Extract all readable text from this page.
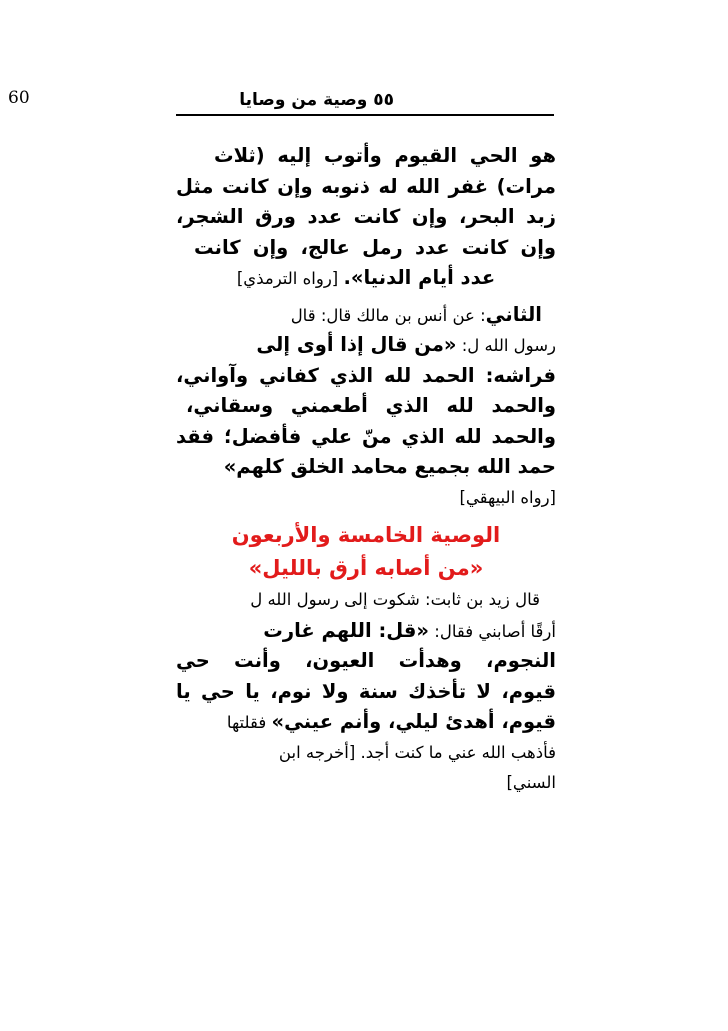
60	٥٥ وصية من وصايا
هو الحي القيوم وأتوب إليه (ثلاث
مرات) غفر الله له ذنوبه وإن كانت مثل
زبد البحر، وإن كانت عدد ورق الشجر،
وإن كانت عدد رمل عالج، وإن كانت
عدد أيام الدنيا». [رواه الترمذي]
الثاني: عن أنس بن مالك قال: قال
رسول الله ل: «من قال إذا أوى إلى
فراشه: الحمد لله الذي كفاني وآواني،
والحمد لله الذي أطعمني وسقاني،
والحمد لله الذي منّ علي فأفضل؛ فقد
حمد الله بجميع محامد الخلق كلهم»
[رواه البيهقي]
الوصية الخامسة والأربعون
«من أصابه أرق بالليل»
قال زيد بن ثابت: شكوت إلى رسول الله ل
أرقًا أصابني فقال: «قل: اللهم غارت
النجوم، وهدأت العيون، وأنت حي
قيوم، لا تأخذك سنة ولا نوم، يا حي يا
قيوم، أهدئ ليلي، وأنم عيني» فقلتها
فأذهب الله عني ما كنت أجد. [أخرجه ابن
السني]
